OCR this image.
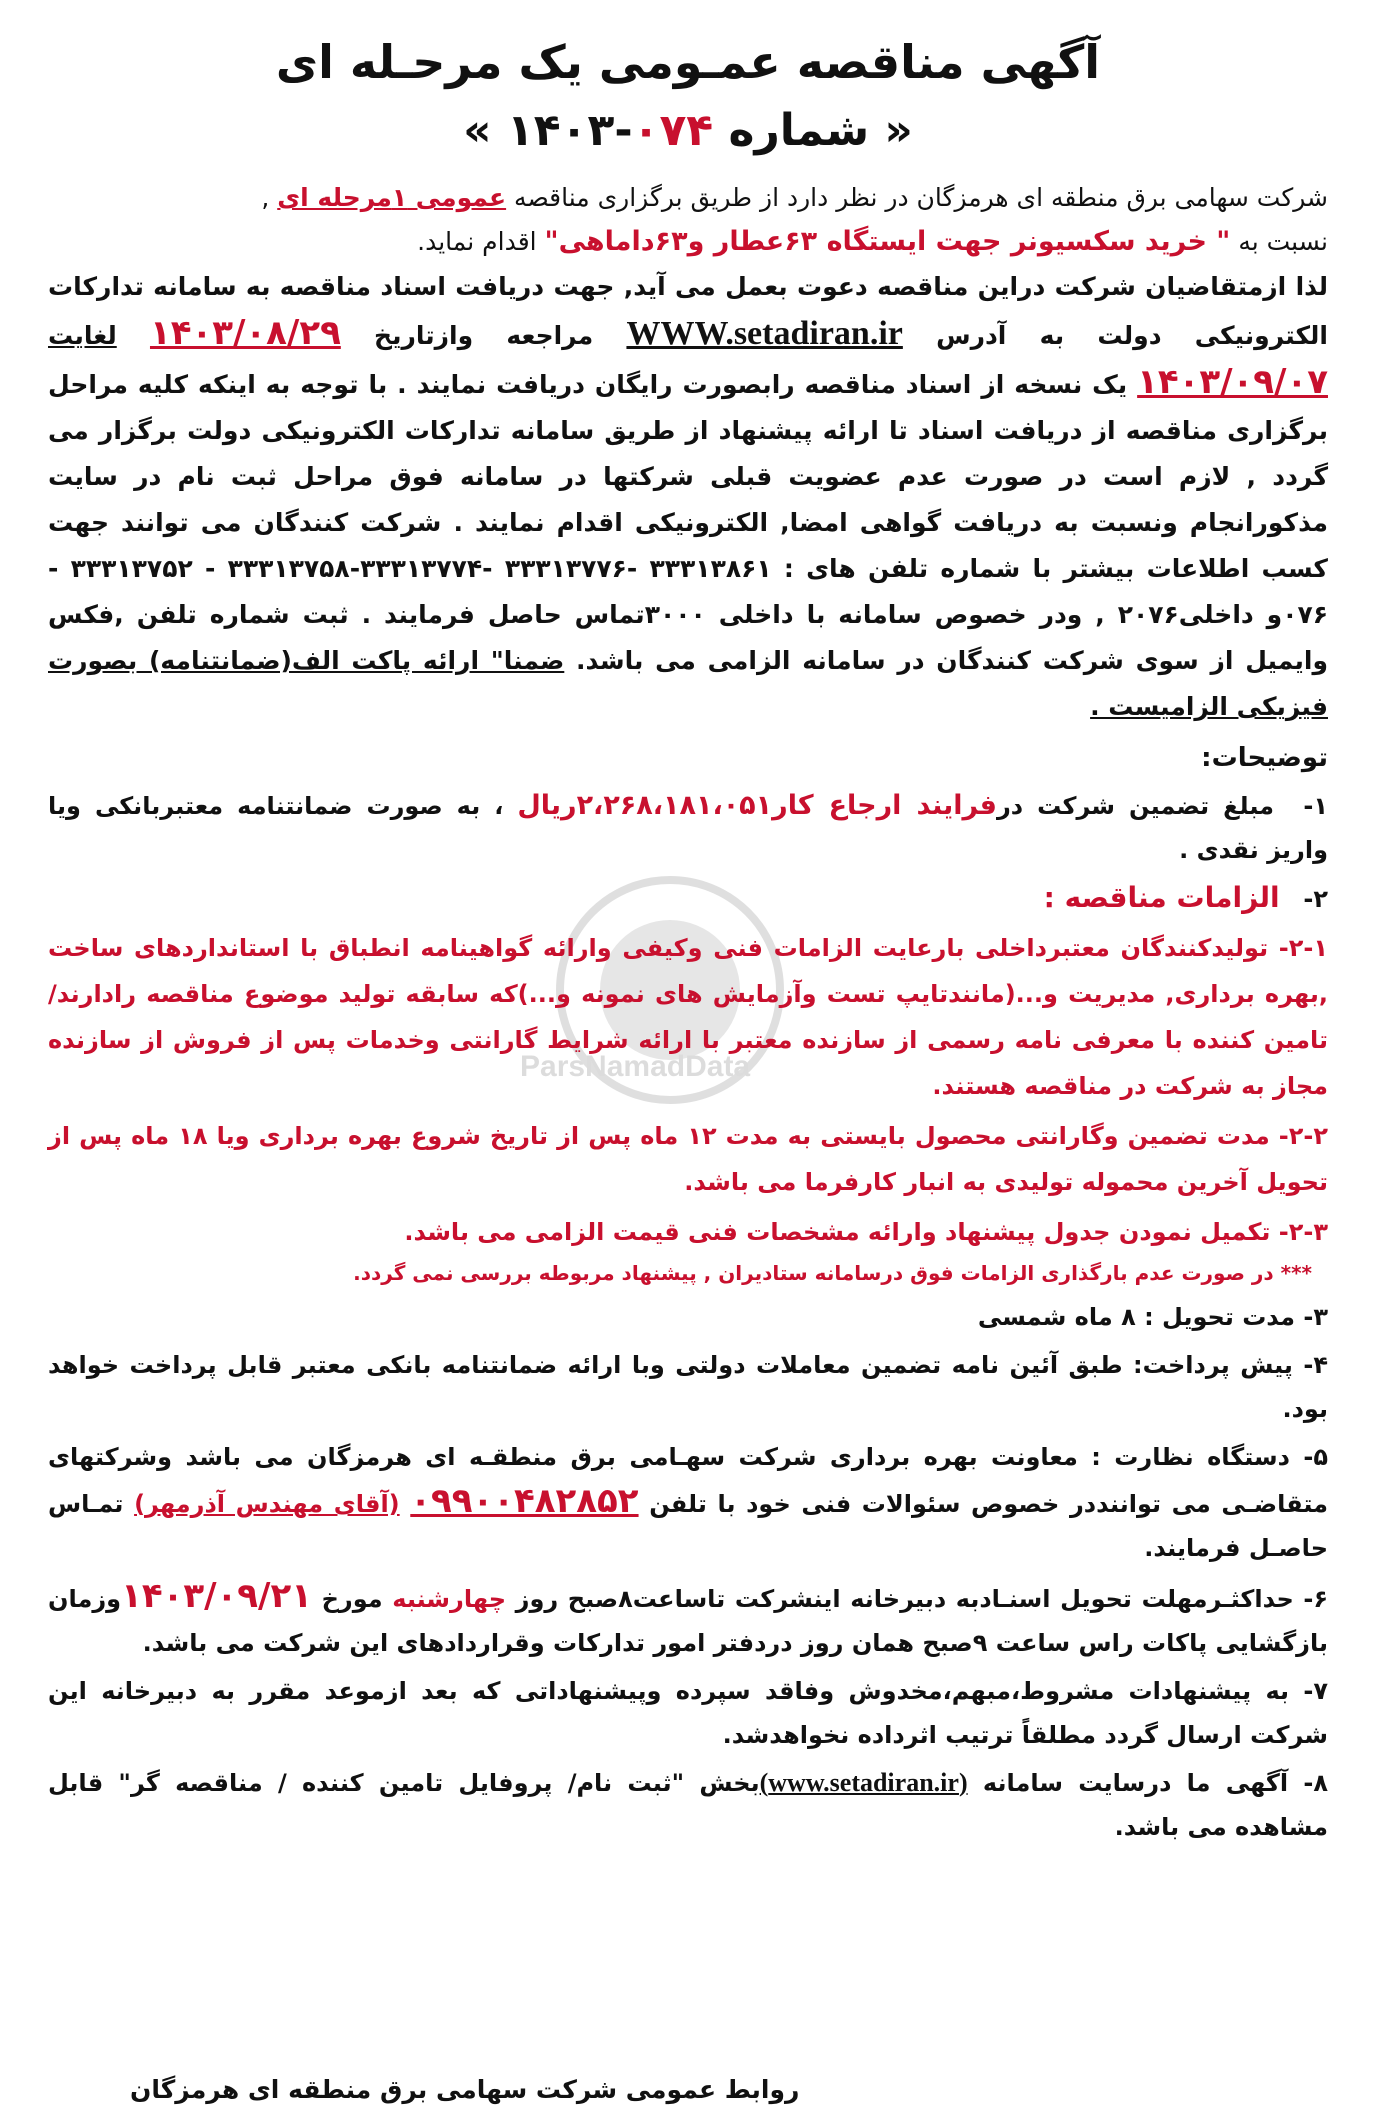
ParsNamadData
آگهی مناقصه عمـومی یک مرحـله ای
« شماره ۰۷۴-۱۴۰۳ »

شرکت سهامی برق منطقه ای هرمزگان در نظر دارد از طریق برگزاری مناقصه عمومی ۱مرحله ای ,

نسبت به " خرید سکسیونر جهت ایستگاه ۶۳عطار و۶۳داماهی" اقدام نماید.

لذا ازمتقاضیان شرکت دراین مناقصه دعوت بعمل می آید, جهت دریافت اسناد مناقصه به سامانه تدارکات الکترونیکی دولت به آدرس WWW.setadiran.ir مراجعه وازتاریخ ۱۴۰۳/۰۸/۲۹ لغایت ۱۴۰۳/۰۹/۰۷ یک نسخه از اسناد مناقصه رابصورت رایگان دریافت نمایند . با توجه به اینکه کلیه مراحل برگزاری مناقصه از دریافت اسناد تا ارائه پیشنهاد از طریق سامانه تدارکات الکترونیکی دولت برگزار می گردد , لازم است در صورت عدم عضویت قبلی شرکتها در سامانه فوق مراحل ثبت نام در سایت مذکورانجام ونسبت به دریافت گواهی امضا, الکترونیکی اقدام نمایند . شرکت کنندگان می توانند جهت کسب اطلاعات بیشتر با شماره تلفن های : ۳۳۳۱۳۸۶۱ -۳۳۳۱۳۷۷۶ -۳۳۳۱۳۷۷۴-۳۳۳۱۳۷۵۸ - ۳۳۳۱۳۷۵۲ - ۰۷۶و داخلی۲۰۷۶ , ودر خصوص سامانه با داخلی ۳۰۰۰تماس حاصل فرمایند . ثبت شماره تلفن ,فکس وایمیل از سوی شرکت کنندگان در سامانه الزامی می باشد. ضمنا" ارائه پاکت الف(ضمانتنامه) بصورت فیزیکی الزامیست .

توضیحات:

۱- مبلغ تضمین شرکت درفرایند ارجاع کار۲،۲۶۸،۱۸۱،۰۵۱ریال ، به صورت ضمانتنامه معتبربانکی ویا واریز نقدی .

۲- الزامات مناقصه :

۲-۱- تولیدکنندگان معتبرداخلی بارعایت الزامات فنی وکیفی وارائه گواهینامه انطباق با استانداردهای ساخت ,بهره برداری, مدیریت و...(مانندتایپ تست وآزمایش های نمونه و...)که سابقه تولید موضوع مناقصه رادارند/تامین کننده با معرفی نامه رسمی از سازنده معتبر با ارائه شرایط گارانتی وخدمات پس از فروش از سازنده مجاز به شرکت در مناقصه هستند.

۲-۲- مدت تضمین وگارانتی محصول بایستی به مدت ۱۲ ماه پس از تاریخ شروع بهره برداری ویا ۱۸ ماه پس از تحویل آخرین محموله تولیدی به انبار کارفرما می باشد.

۲-۳- تکمیل نمودن جدول پیشنهاد وارائه مشخصات فنی قیمت الزامی می باشد.

*** در صورت عدم بارگذاری الزامات فوق درسامانه ستادیران , پیشنهاد مربوطه بررسی نمی گردد.

۳- مدت تحویل : ۸ ماه شمسی

۴- پیش پرداخت: طبق آئین نامه تضمین معاملات دولتی وبا ارائه ضمانتنامه بانکی معتبر قابل پرداخت خواهد بود.

۵- دستگاه نظارت : معاونت بهره برداری شرکت سهـامی برق منطقـه ای هرمزگان می باشد وشرکتهای متقاضـی می تواننددر خصوص سئوالات فنی خود با تلفن ۰۹۹۰۰۴۸۲۸۵۲ (آقای مهندس آذرمهر) تمـاس حاصـل فرمایند.

۶- حداکثـرمهلت تحویل اسنـادبه دبیرخانه اینشرکت تاساعت۸صبح روز چهارشنبه مورخ ۱۴۰۳/۰۹/۲۱وزمان بازگشایی پاکات راس ساعت ۹صبح همان روز دردفتر امور تدارکات وقراردادهای این شرکت می باشد.

۷- به پیشنهادات مشروط،مبهم،مخدوش وفاقد سپرده وپیشنهاداتی که بعد ازموعد مقرر به دبیرخانه این شرکت ارسال گردد مطلقاً ترتیب اثرداده نخواهدشد.

۸- آگهی ما درسایت سامانه (www.setadiran.ir)بخش "ثبت نام/ پروفایل تامین کننده / مناقصه گر" قابل مشاهده می باشد.

روابط عمومی شرکت سهامی برق منطقه ای هرمزگان
